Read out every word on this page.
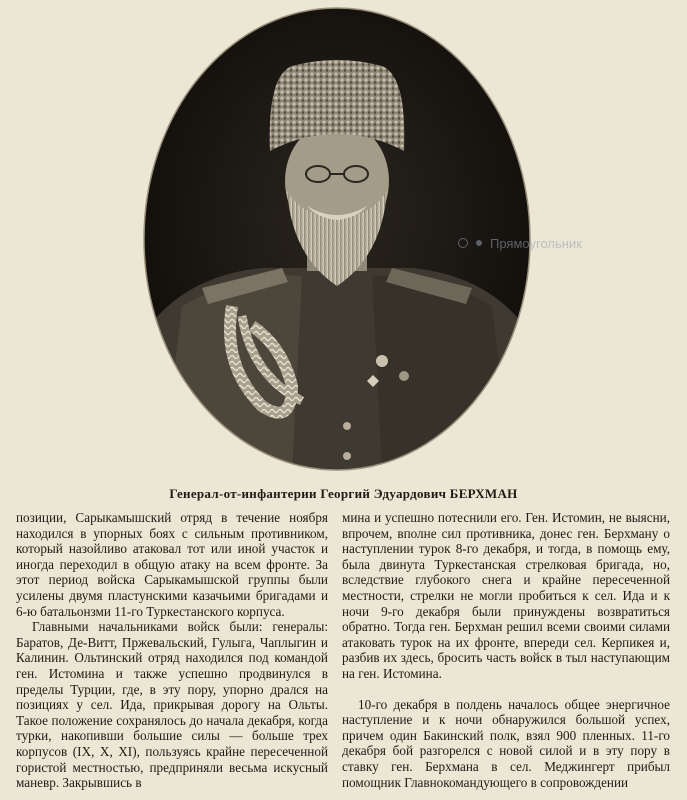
Прямоугольник
Генерал-от-инфантерии Георгий Эдуардович БЕРХМАН

позиции, Сарыкамышский отряд в течение ноября находился в упорных боях с сильным противником, который назойливо атаковал тот или иной участок и иногда переходил в общую атаку на всем фронте. За этот период войска Сарыкамышской группы были усилены двумя пластунскими казачьими бригадами и 6-ю батальонзми 11-го Туркестанского корпуса.

Главными начальниками войск были: генералы: Баратов, Де-Витт, Пржевальский, Гулыга, Чаплыгин и Калинин. Ольтинский отряд находился под командой ген. Истомина и также успешно продвинулся в пределы Турции, где, в эту пору, упорно дрался на позициях у сел. Ида, прикрывая дорогу на Ольты. Такое положение сохранялось до начала декабря, когда турки, накопивши большие силы — больше трех корпусов (IX, X, XI), пользуясь крайне пересеченной гористой местностью, предприняли весьма искусный маневр. Закрывшись в

мина и успешно потеснили его. Ген. Истомин, не выясни, впрочем, вполне сил противника, донес ген. Берхману о наступлении турок 8-го декабря, и тогда, в помощь ему, была двинута Туркестанская стрелковая бригада, но, вследствие глубокого снега и крайне пересеченной местности, стрелки не могли пробиться к сел. Ида и к ночи 9-го декабря были принуждены возвратиться обратно. Тогда ген. Берхман решил всеми своими силами атаковать турок на их фронте, впереди сел. Керпикея и, разбив их здесь, бросить часть войск в тыл наступающим на ген. Истомина.

10-го декабря в полдень началось общее энергичное наступление и к ночи обнаружился большой успех, причем один Бакинский полк, взял 900 пленных. 11-го декабря бой разгорелся с новой силой и в эту пору в ставку ген. Берхмана в сел. Меджингерт прибыл помощник Главнокомандующего в сопровождении
